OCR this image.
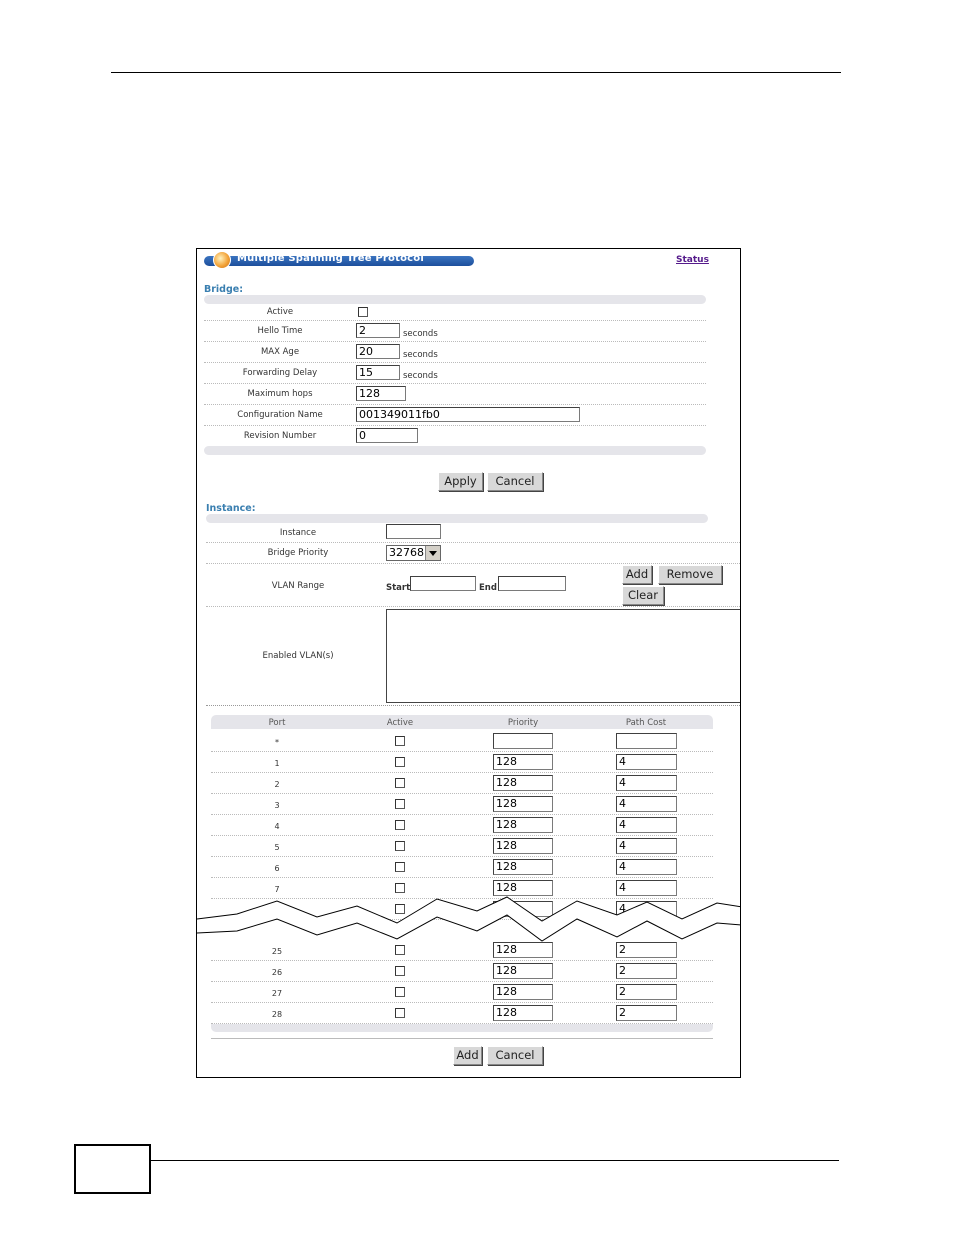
Multiple Spanning Tree Protocol	Status
Bridge:
Active
Hello Time	2	seconds
MAX Age	20	seconds
Forwarding Delay	15	seconds
Maximum hops	128
Configuration Name	001349011fb0
Revision Number	0
Apply	Cancel
Instance:
Instance
Bridge Priority	32768
VLAN Range	Start	End
Add	Remove
Clear
Enabled VLAN(s)
Port	Active	Priority	Path Cost
*
1	128	4
2	128	4
3	128	4
4	128	4
5	128	4
6	128	4
7	128	4
4
25	128	2
26	128	2
27	128	2
28	128	2
Add	Cancel
